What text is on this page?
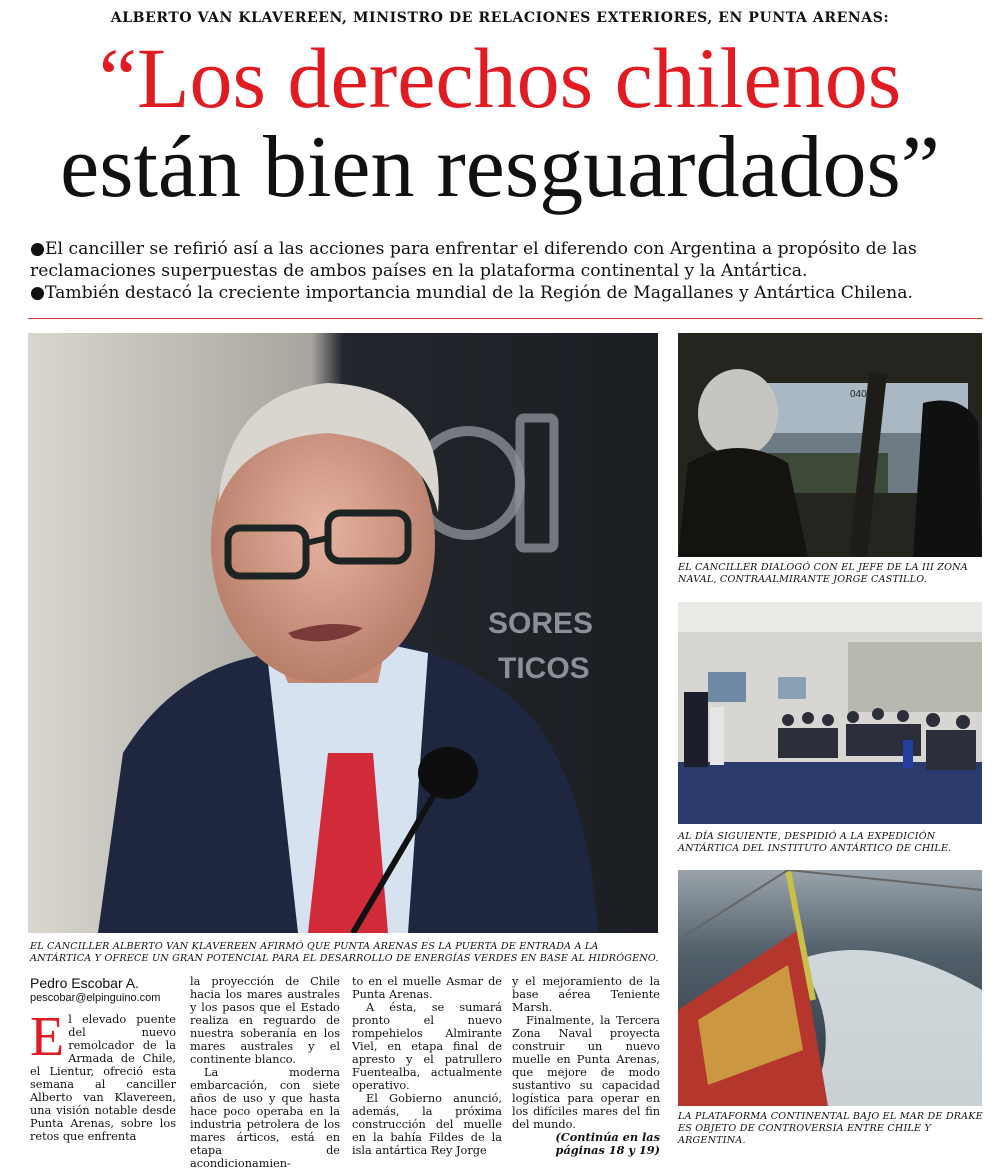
ALBERTO VAN KLAVEREEN, MINISTRO DE RELACIONES EXTERIORES, EN PUNTA ARENAS:
“Los derechos chilenos
están bien resguardados”

●El canciller se refirió así a las acciones para enfrentar el diferendo con Argentina a propósito de las reclamaciones superpuestas de ambos países en la plataforma continental y la Antártica.

●También destacó la creciente importancia mundial de la Región de Magallanes y Antártica Chilena.

SORES
TICOS
EL CANCILLER ALBERTO VAN KLAVEREEN AFIRMÓ QUE PUNTA ARENAS ES LA PUERTA DE ENTRADA A LA ANTÁRTICA Y OFRECE UN GRAN POTENCIAL PARA EL DESARROLLO DE ENERGÍAS VERDES EN BASE AL HIDRÓGENO.
040
EL CANCILLER DIALOGÓ CON EL JEFE DE LA III ZONA NAVAL, CONTRAALMIRANTE JORGE CASTILLO.
AL DÍA SIGUIENTE, DESPIDIÓ A LA EXPEDICIÓN ANTÁRTICA DEL INSTITUTO ANTÁRTICO DE CHILE.
LA PLATAFORMA CONTINENTAL BAJO EL MAR DE DRAKE ES OBJETO DE CONTROVERSIA ENTRE CHILE Y ARGENTINA.
Pedro Escobar A.
pescobar@elpinguino.com
E l elevado puente del nuevo remolcador de la Armada de Chile, el Lientur, ofreció esta semana al canciller Alberto van Klavereen, una visión notable desde Punta Arenas, sobre los retos que enfrenta

la proyección de Chile hacia los mares australes y los pasos que el Estado realiza en reguardo de nuestra soberanía en los mares australes y el continente blanco.

La moderna embarcación, con siete años de uso y que hasta hace poco operaba en la industria petrolera de los mares árticos, está en etapa de acondicionamien-

to en el muelle Asmar de Punta Arenas.

A ésta, se sumará pronto el nuevo rompehielos Almirante Viel, en etapa final de apresto y el patrullero Fuentealba, actualmente operativo.

El Gobierno anunció, además, la próxima construcción del muelle en la bahía Fildes de la isla antártica Rey Jorge

y el mejoramiento de la base aérea Teniente Marsh.

Finalmente, la Tercera Zona Naval proyecta construir un nuevo muelle en Punta Arenas, que mejore de modo sustantivo su capacidad logística para operar en los difíciles mares del fin del mundo.

(Continúa en las páginas 18 y 19)
